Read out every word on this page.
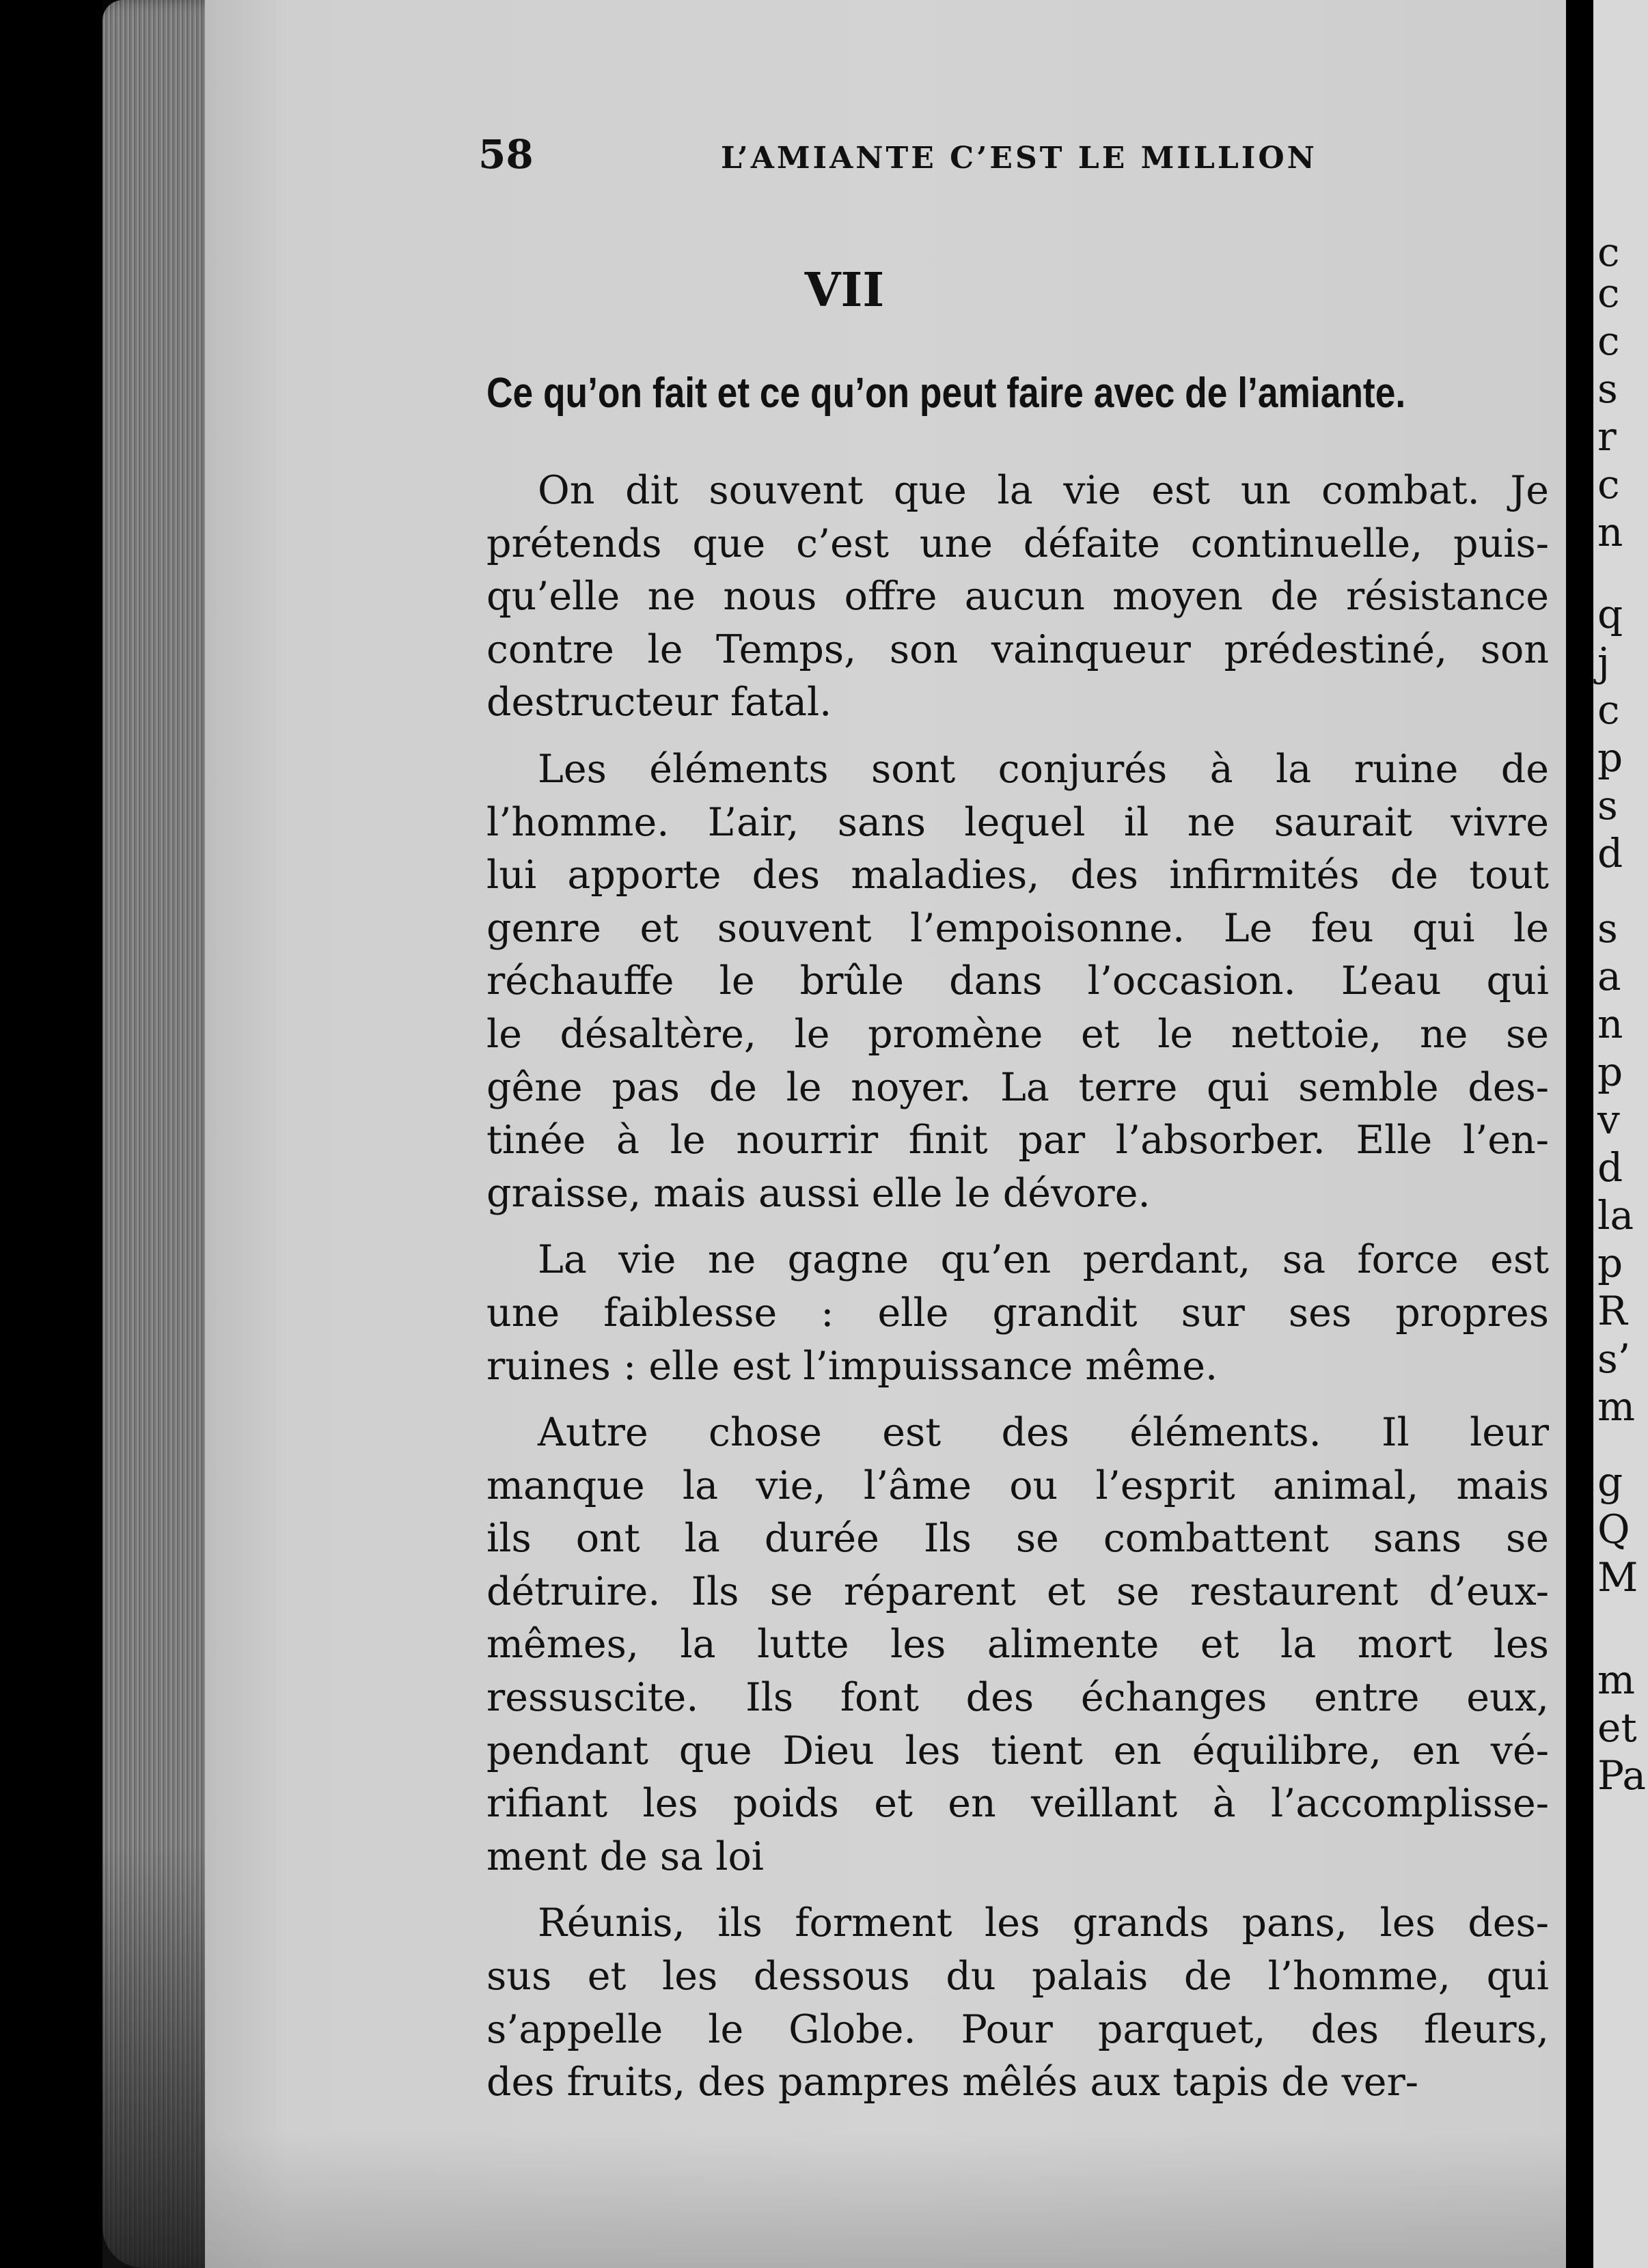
c
c
c
s
r
c
n
q
j
c
p
s
d
s
a
n
p
v
d
la
p
R
s’
m
g
Q
M
m
et
Pa
58	L’AMIANTE C’EST LE MILLION
VII
Ce qu’on fait et ce qu’on peut faire avec de l’amiante.
On dit souvent que la vie est un combat. Je
prétends que c’est une défaite continuelle, puis-
qu’elle ne nous offre aucun moyen de résistance
contre le Temps, son vainqueur prédestiné, son
destructeur fatal.
Les éléments sont conjurés à la ruine de
l’homme. L’air, sans lequel il ne saurait vivre
lui apporte des maladies, des infirmités de tout
genre et souvent l’empoisonne. Le feu qui le
réchauffe le brûle dans l’occasion. L’eau qui
le désaltère, le promène et le nettoie, ne se
gêne pas de le noyer. La terre qui semble des-
tinée à le nourrir finit par l’absorber. Elle l’en-
graisse, mais aussi elle le dévore.
La vie ne gagne qu’en perdant, sa force est
une faiblesse : elle grandit sur ses propres
ruines : elle est l’impuissance même.
Autre chose est des éléments. Il leur
manque la vie, l’âme ou l’esprit animal, mais
ils ont la durée Ils se combattent sans se
détruire. Ils se réparent et se restaurent d’eux-
mêmes, la lutte les alimente et la mort les
ressuscite. Ils font des échanges entre eux,
pendant que Dieu les tient en équilibre, en vé-
rifiant les poids et en veillant à l’accomplisse-
ment de sa loi
Réunis, ils forment les grands pans, les des-
sus et les dessous du palais de l’homme, qui
s’appelle le Globe. Pour parquet, des fleurs,
des fruits, des pampres mêlés aux tapis de ver-
